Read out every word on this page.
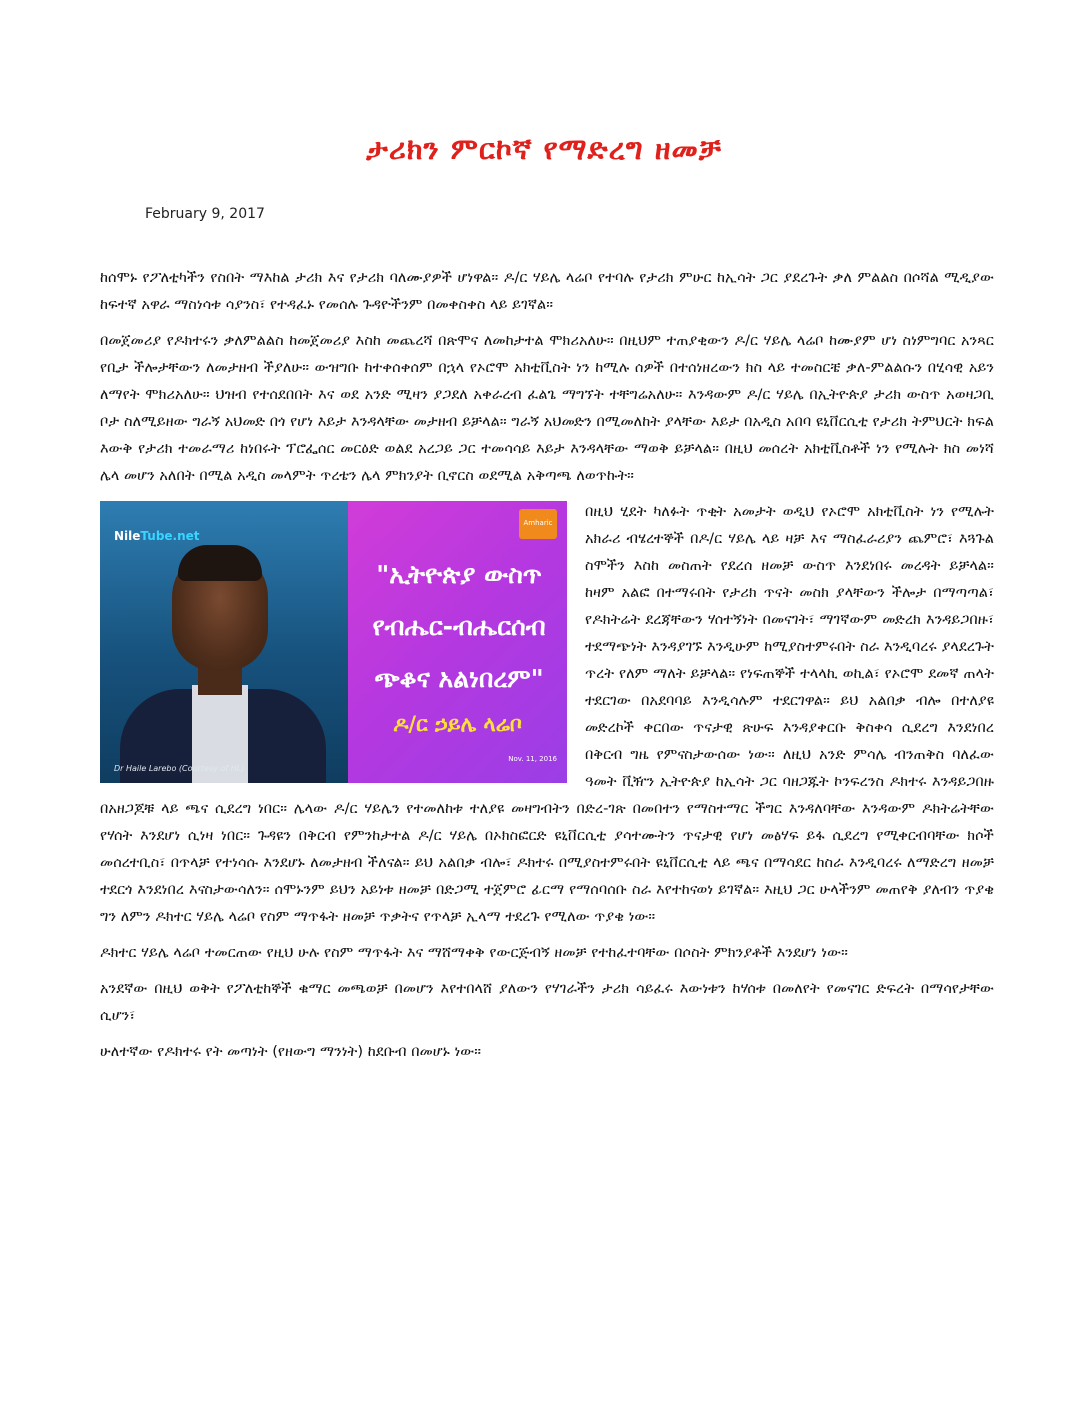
ታሪክን ምርኮኛ የማድረግ ዘመቻ
February 9, 2017

ከሰሞኑ የፖለቲካችን የስበት ማእከል ታሪክ እና የታሪክ ባለሙያዎች ሆነዋል። ዶ/ር ሃይሌ ላሬቦ የተባሉ የታሪክ ምሁር ከኢሳት ጋር ያደረጉት ቃለ ምልልስ በሶሻል ሚዲያው ከፍተኛ አዋራ ማስነሳቱ ሳያንስ፣ የተዳፈኑ የመሰሉ ጉዳዮችንም በመቀስቀስ ላይ ይገኛል።

በመጀመሪያ የዶክተሩን ቃለምልልስ ከመጀመሪያ እስከ መጨረሻ በጽሞና ለመከታተል ሞክሪአለሁ። በዚህም ተጠያቂውን ዶ/ር ሃይሌ ላሬቦ ከሙያም ሆነ ስነምግባር አንጻር የቢታ ችሎታቸውን ለመታዘብ ችያለሁ። ውዝግቡ ከተቀሰቀሰም በኋላ የኦሮሞ አክቲቪስት ነን ከሚሉ ሰዎች በተሰነዘረውን ክስ ላይ ተመስርቼ ቃለ-ምልልሱን በሂሳዊ አይን ለማየት ሞክሪአለሁ። ህዝብ የተሰደበበት እና ወደ አንድ ሚዛን ያጋደለ አቀራረብ ፈልጌ ማግኘት ተቸግሬአለሁ። እንዳውም ዶ/ር ሃይሌ በኢትዮጵያ ታሪክ ውስጥ አወዛጋቢ ቦታ ስለሚይዘው ግራኝ አህመድ በጎ የሆነ እይታ እንዳላቸው መታዘብ ይቻላል። ግራኝ አህመድን በሚመለከት ያላቸው እይታ በአዲስ አበባ ዩኒቨርሲቲ የታሪክ ትምህርት ክፍል እውቅ የታሪክ ተመራማሪ ከነበሩት ፕሮፌሰር መርዕድ ወልደ አረጋይ ጋር ተመሳሳይ እይታ እንዳላቸው ማወቅ ይቻላል። በዚህ መሰረት አክቲቪስቶች ነን የሚሉት ክስ መነሻ ሌላ መሆን አለበት በሚል አዲስ መላምት ጥረቴን ሌላ ምክንያት ቢኖርስ ወደሚል አቅጣጫ ለወጥኩት።

NileTube.net
Dr Haile Larebo (Courtesy of HL)
Amharic
"ኢትዮጵያ ውስጥ የብሔር-ብሔርሰብ ጭቆና አልነበረም"
ዶ/ር ኃይሌ ላሬቦ
Nov. 11, 2016

በዚህ ሂደት ካለፉት ጥቂት አመታት ወዲህ የኦሮሞ አክቲቪስት ነን የሚሉት አክራሪ ብሄረተኞች በዶ/ር ሃይሌ ላይ ዛቻ እና ማስፈራሪያን ጨምሮ፣ እጓጉል ስሞችን እስከ መስጠት የደረሰ ዘመቻ ውስጥ እንደነበሩ መረዳት ይቻላል። ከዛም አልፎ በተማሩበት የታሪክ ጥናት መስክ ያላቸውን ችሎታ በማጣጣል፣ የዶክትሬት ደረጃቸውን ሃሰተኝነት በመናገት፣ ማገኛውም መድረክ እንዳይጋበዙ፣ ተደማጭነት እንዳያገኙ እንዲሁም ከሚያስተምሩበት ስራ እንዲባረሩ ያላደረጉት ጥረት የለም ማለት ይቻላል። የነፍጠኞች ተላላኪ ወኪል፣ የኦሮሞ ደመኛ ጠላት ተደርገው በአደባባይ እንዲሳሉም ተደርገዋል። ይህ አልበቃ ብሎ በተለያዩ መድረኮች ቀርበው ጥናታዊ ጽሁፍ እንዳያቀርቡ ቅስቀሳ ሲደረግ እንደነበረ በቅርብ ግዜ የምናስታውሰው ነው። ለዚህ አንድ ምሳሌ ብንጠቅስ ባለፈው ዓመት ቪዥን ኢትዮጵያ ከኢሳት ጋር ባዘጋጁት ኮንፍረንስ ዶክተሩ እንዳይጋበዙ በአዘጋጆቹ ላይ ጫና ሲደረግ ነበር። ሌላው ዶ/ር ሃይሌን የተመለከቱ ተለያዩ መዛግብትን በድረ-ገጽ በመበተን የማስተማር ችግር እንዳለባቸው እንዳውም ዶክትሬትቸው የሃሰት እንደሆነ ሲነዛ ነበር። ጉዳዩን በቅርብ የምንከታተል ዶ/ር ሃይሌ በኦክስፎርድ ዩኒቨርሲቲ ያሳተሙትን ጥናታዊ የሆነ መፅሃፍ ይፋ ሲደረግ የሚቀርብባቸው ክሶች መሰረተቢስ፣ በጥላቻ የተነሳሱ እንደሆኑ ለመታዘብ ችለናል። ይህ አልበቃ ብሎ፣ ዶክተሩ በሚያስተምሩበት ዩኒቨርሲቲ ላይ ጫና በማሳደር ከስራ እንዲባረሩ ለማድረግ ዘመቻ ተደርጎ እንደነበረ እናስታውሳለን። ሰሞኑንም ይህን አይነቱ ዘመቻ በድጋሚ ተጀምሮ ፊርማ የማሰባሰቡ ስራ እየተከናወነ ይገኛል። እዚህ ጋር ሁላችንም መጠየቅ ያለብን ጥያቄ ግን ለምን ዶክተር ሃይሌ ላሬቦ የስም ማጥፋት ዘመቻ ጥቃትና የጥላቻ ኢላማ ተደረጉ የሚለው ጥያቄ ነው።

ዶክተር ሃይሌ ላሬቦ ተመርጠው የዚህ ሁሉ የስም ማጥፋት እና ማሸማቀቅ የውርጅብኝ ዘመቻ የተከፈተባቸው በሶስት ምክንያቶች እንደሆነ ነው።

አንደኛው በዚህ ወቅት የፖለቲከኞች ቁማር መጫወቻ በመሆን እየተበላሸ ያለውን የሃገራችን ታሪክ ሳይፈሩ እውነቱን ከሃሰቱ በመለየት የመናገር ድፍረት በማሳየታቸው ሲሆን፣

ሁለተኛው የዶክተሩ የት መጣነት (የዘውግ ማንነት) ከደቡብ በመሆኑ ነው።
